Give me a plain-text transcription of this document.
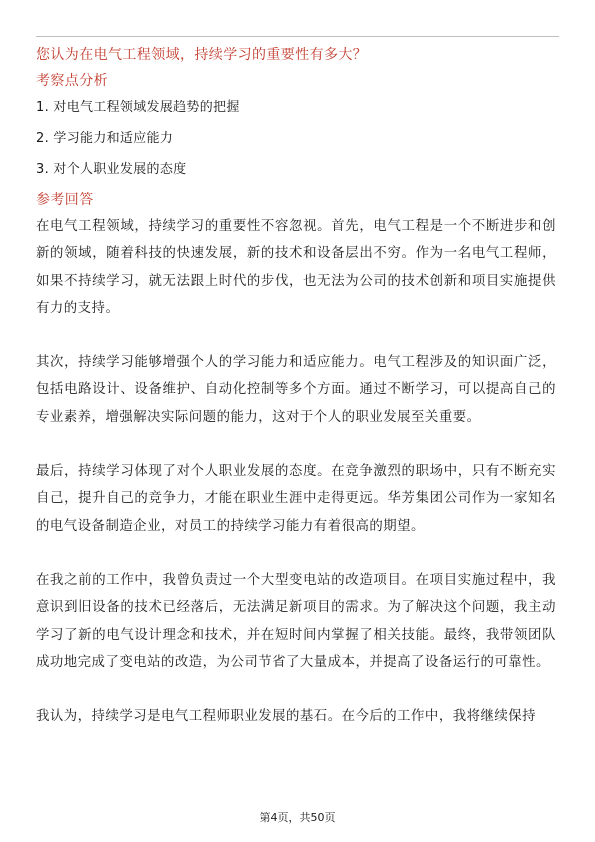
您认为在电气工程领域，持续学习的重要性有多大？
考察点分析
1. 对电气工程领域发展趋势的把握
2. 学习能力和适应能力
3. 对个人职业发展的态度
参考回答
在电气工程领域，持续学习的重要性不容忽视。首先，电气工程是一个不断进步和创新的领域，随着科技的快速发展，新的技术和设备层出不穷。作为一名电气工程师，如果不持续学习，就无法跟上时代的步伐，也无法为公司的技术创新和项目实施提供有力的支持。
其次，持续学习能够增强个人的学习能力和适应能力。电气工程涉及的知识面广泛，包括电路设计、设备维护、自动化控制等多个方面。通过不断学习，可以提高自己的专业素养，增强解决实际问题的能力，这对于个人的职业发展至关重要。
最后，持续学习体现了对个人职业发展的态度。在竞争激烈的职场中，只有不断充实自己，提升自己的竞争力，才能在职业生涯中走得更远。华芳集团公司作为一家知名的电气设备制造企业，对员工的持续学习能力有着很高的期望。
在我之前的工作中，我曾负责过一个大型变电站的改造项目。在项目实施过程中，我意识到旧设备的技术已经落后，无法满足新项目的需求。为了解决这个问题，我主动学习了新的电气设计理念和技术，并在短时间内掌握了相关技能。最终，我带领团队成功地完成了变电站的改造，为公司节省了大量成本，并提高了设备运行的可靠性。
我认为，持续学习是电气工程师职业发展的基石。在今后的工作中，我将继续保持
第4页，共50页
